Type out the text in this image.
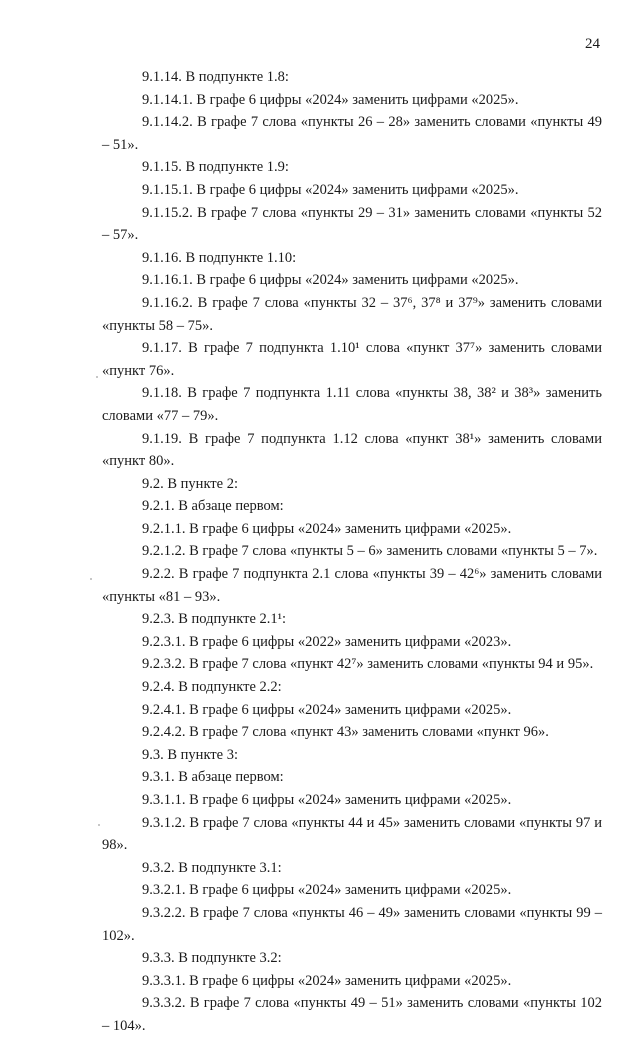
24

9.1.14. В подпункте 1.8:

9.1.14.1. В графе 6 цифры «2024» заменить цифрами «2025».

9.1.14.2. В графе 7 слова «пункты 26 – 28» заменить словами «пункты 49 – 51».

9.1.15. В подпункте 1.9:

9.1.15.1. В графе 6 цифры «2024» заменить цифрами «2025».

9.1.15.2. В графе 7 слова «пункты 29 – 31» заменить словами «пункты 52 – 57».

9.1.16. В подпункте 1.10:

9.1.16.1. В графе 6 цифры «2024» заменить цифрами «2025».

9.1.16.2. В графе 7 слова «пункты 32 – 37⁶, 37⁸ и 37⁹» заменить словами «пункты 58 – 75».

9.1.17. В графе 7 подпункта 1.10¹ слова «пункт 37⁷» заменить словами «пункт 76».

9.1.18. В графе 7 подпункта 1.11 слова «пункты 38, 38² и 38³» заменить словами «77 – 79».

9.1.19. В графе 7 подпункта 1.12 слова «пункт 38¹» заменить словами «пункт 80».

9.2. В пункте 2:

9.2.1. В абзаце первом:

9.2.1.1. В графе 6 цифры «2024» заменить цифрами «2025».

9.2.1.2. В графе 7 слова «пункты 5 – 6» заменить словами «пункты 5 – 7».

9.2.2. В графе 7 подпункта 2.1 слова «пункты 39 – 42⁶» заменить словами «пункты «81 – 93».

9.2.3. В подпункте 2.1¹:

9.2.3.1. В графе 6 цифры «2022» заменить цифрами «2023».

9.2.3.2. В графе 7 слова «пункт 42⁷» заменить словами «пункты 94 и 95».

9.2.4. В подпункте 2.2:

9.2.4.1. В графе 6 цифры «2024» заменить цифрами «2025».

9.2.4.2. В графе 7 слова «пункт 43» заменить словами «пункт 96».

9.3. В пункте 3:

9.3.1. В абзаце первом:

9.3.1.1. В графе 6 цифры «2024» заменить цифрами «2025».

9.3.1.2. В графе 7 слова «пункты 44 и 45» заменить словами «пункты 97 и 98».

9.3.2. В подпункте 3.1:

9.3.2.1. В графе 6 цифры «2024» заменить цифрами «2025».

9.3.2.2. В графе 7 слова «пункты 46 – 49» заменить словами «пункты 99 – 102».

9.3.3. В подпункте 3.2:

9.3.3.1. В графе 6 цифры «2024» заменить цифрами «2025».

9.3.3.2. В графе 7 слова «пункты 49 – 51» заменить словами «пункты 102 – 104».
